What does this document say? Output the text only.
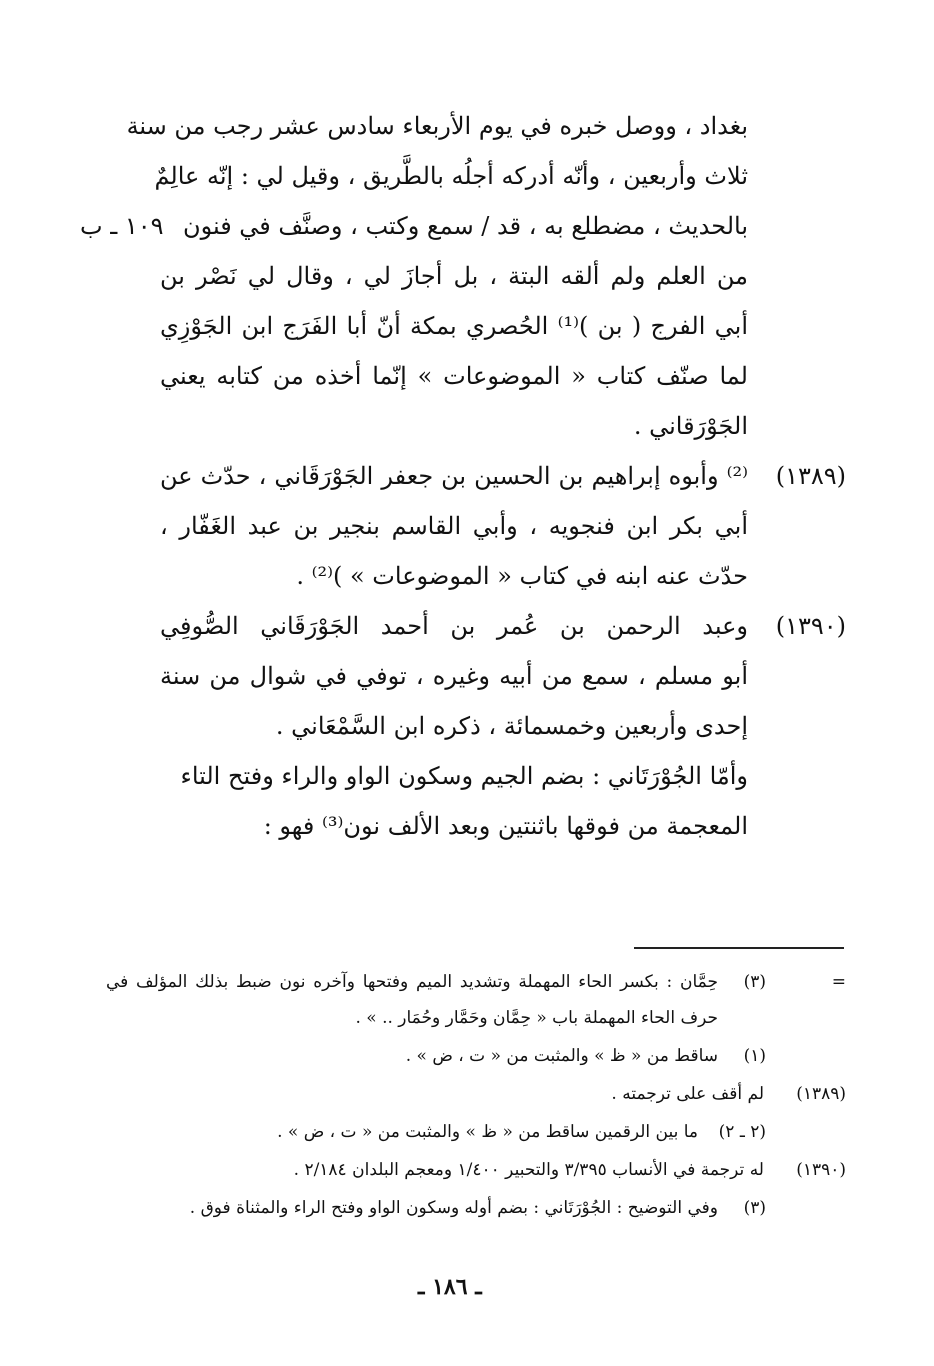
بغداد ، ووصل خبره في يوم الأربعاء سادس عشر رجب من سنة
ثلاث وأربعين ، وأنّه أدركه أجلُه بالطَّريق ، وقيل لي : إنّه عالِمٌ
بالحديث ، مضطلع به ، قد / سمع وكتب ، وصنَّف في فنون
١٠٩ ـ ب
من العلم ولم ألقه البتة ، بل أجازَ لي ، وقال لي نَصْر بن
أبي الفرج ( بن )⁽¹⁾ الحُصري بمكة أنّ أبا الفَرَج ابن الجَوْزِي
لما صنّف كتاب « الموضوعات » إنّما أخذه من كتابه يعني
الجَوْرَقاني .
(١٣٨٩)
⁽²⁾ وأبوه إبراهيم بن الحسين بن جعفر الجَوْرَقَاني ، حدّث عن
أبي بكر ابن فنجويه ، وأبي القاسم بنجير بن عبد الغَفّار ،
حدّث عنه ابنه في كتاب « الموضوعات » )⁽²⁾ .
(١٣٩٠)
وعبد الرحمن بن عُمر بن أحمد الجَوْرَقَاني الصُّوفِي
أبو مسلم ، سمع من أبيه وغيره ، توفي في شوال من سنة
إحدى وأربعين وخمسمائة ، ذكره ابن السَّمْعَاني .
وأمّا الجُوْرَتَاني : بضم الجيم وسكون الواو والراء وفتح التاء
المعجمة من فوقها باثنتين وبعد الألف نون⁽³⁾ فهو :
=
(٣)
حِمَّان : بكسر الحاء المهملة وتشديد الميم وفتحها وآخره نون ضبط بذلك المؤلف في
حرف الحاء المهملة باب « حِمَّان وحَمَّار وحُمَار .. » .
(١)
ساقط من « ظ » والمثبت من « ت ، ض » .
(١٣٨٩)
لم أقف على ترجمته .
(٢ ـ ٢)
ما بين الرقمين ساقط من « ظ » والمثبت من « ت ، ض » .
(١٣٩٠)
له ترجمة في الأنساب ٣/٣٩٥ والتحبير ١/٤٠٠ ومعجم البلدان ٢/١٨٤ .
(٣)
وفي التوضيح : الجُوْرَتَاني : بضم أوله وسكون الواو وفتح الراء والمثناة فوق .
ـ ١٨٦ ـ
